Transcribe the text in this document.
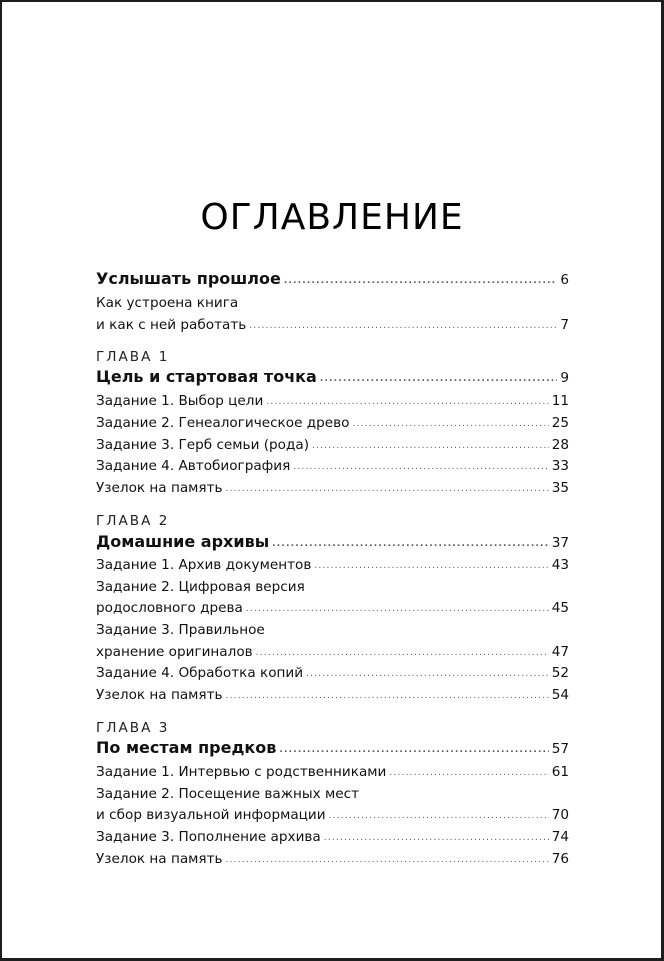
ОГЛАВЛЕНИЕ
Услышать прошлое .....	6
Как устроена книга
и как с ней работать .....	7
ГЛАВА 1
Цель и стартовая точка .....	9
Задание 1. Выбор цели .....	11
Задание 2. Генеалогическое древо .....	25
Задание 3. Герб семьи (рода) .....	28
Задание 4. Автобиография .....	33
Узелок на память .....	35
ГЛАВА 2
Домашние архивы .....	37
Задание 1. Архив документов .....	43
Задание 2. Цифровая версия
родословного древа .....	45
Задание 3. Правильное
хранение оригиналов .....	47
Задание 4. Обработка копий .....	52
Узелок на память .....	54
ГЛАВА 3
По местам предков .....	57
Задание 1. Интервью с родственниками .....	61
Задание 2. Посещение важных мест
и сбор визуальной информации .....	70
Задание 3. Пополнение архива .....	74
Узелок на память .....	76
